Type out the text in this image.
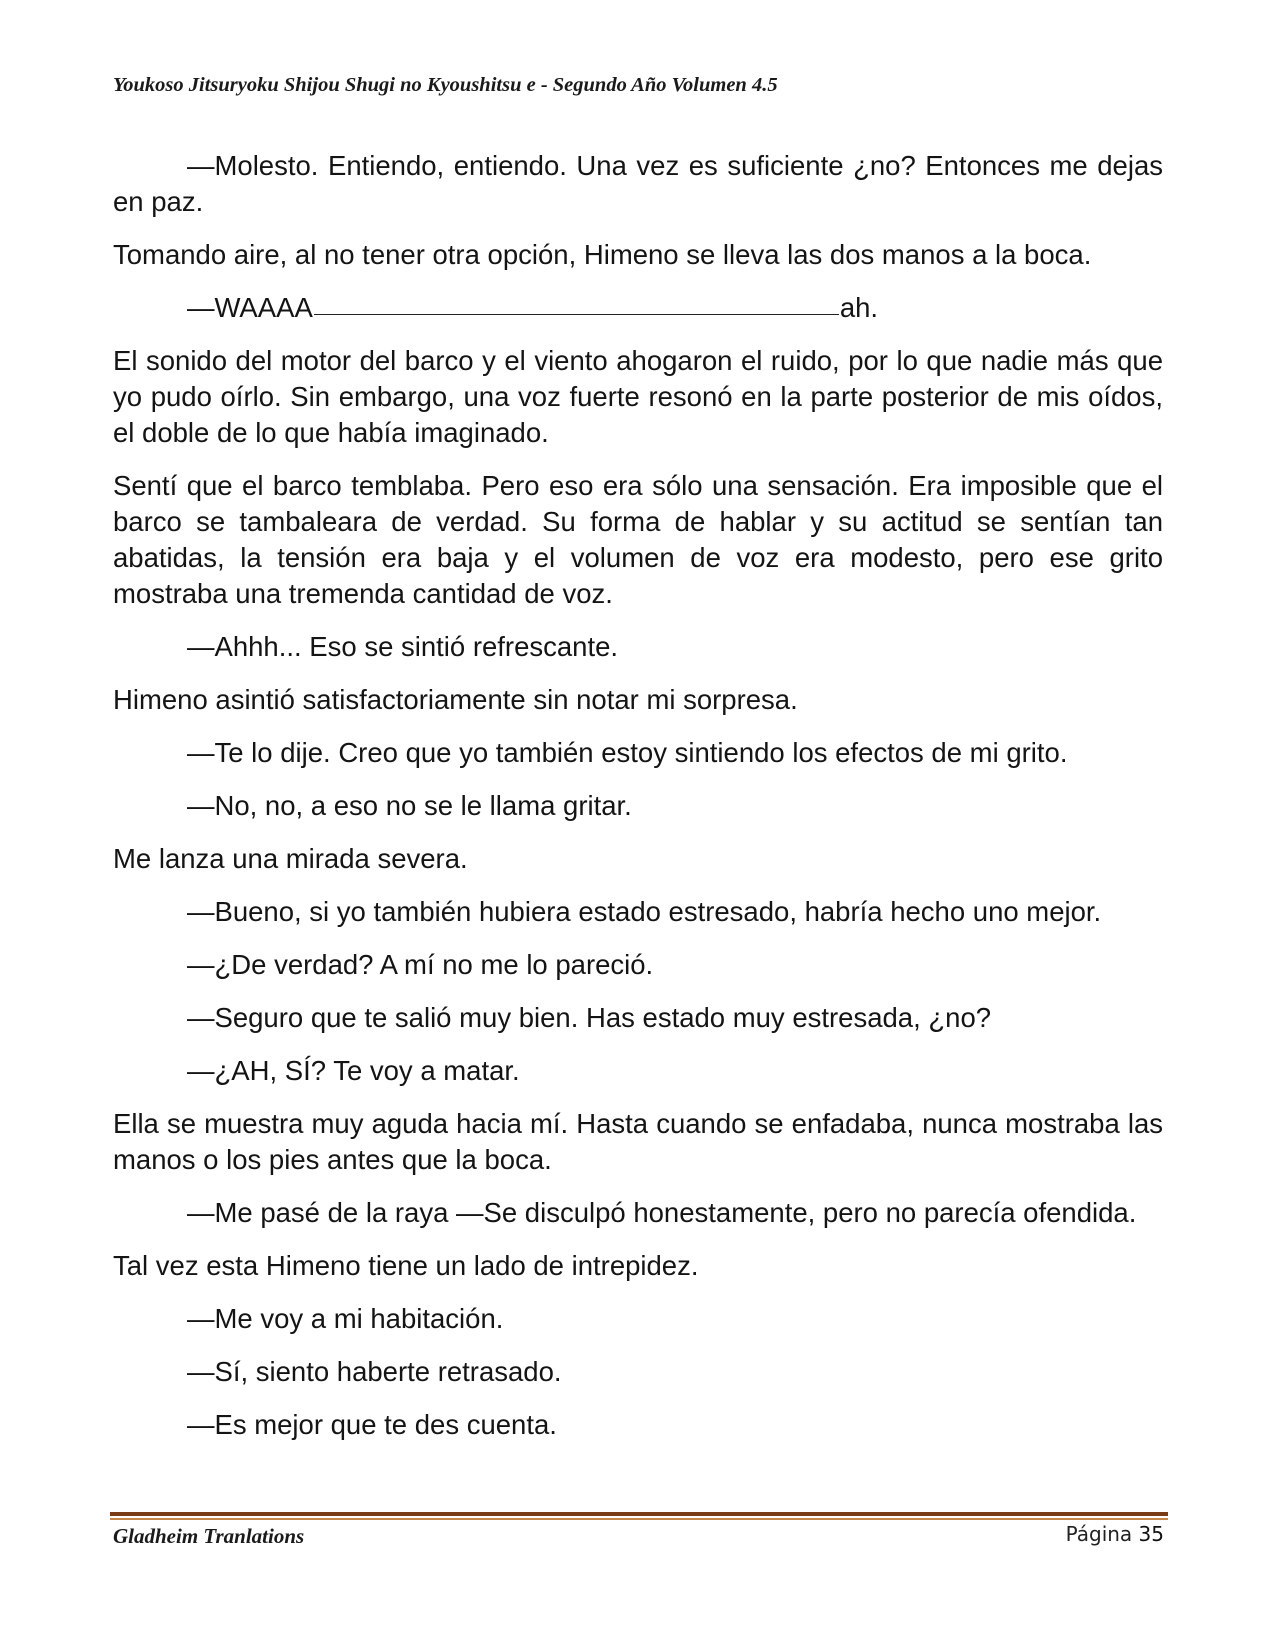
Youkoso Jitsuryoku Shijou Shugi no Kyoushitsu e - Segundo Año Volumen 4.5

—Molesto. Entiendo, entiendo. Una vez es suficiente ¿no? Entonces me dejas en paz.

Tomando aire, al no tener otra opción, Himeno se lleva las dos manos a la boca.

—WAAAA	ah.

El sonido del motor del barco y el viento ahogaron el ruido, por lo que nadie más que yo pudo oírlo. Sin embargo, una voz fuerte resonó en la parte posterior de mis oídos, el doble de lo que había imaginado.

Sentí que el barco temblaba. Pero eso era sólo una sensación. Era imposible que el barco se tambaleara de verdad. Su forma de hablar y su actitud se sentían tan abatidas, la tensión era baja y el volumen de voz era modesto, pero ese grito mostraba una tremenda cantidad de voz.

—Ahhh... Eso se sintió refrescante.

Himeno asintió satisfactoriamente sin notar mi sorpresa.

—Te lo dije. Creo que yo también estoy sintiendo los efectos de mi grito.

—No, no, a eso no se le llama gritar.

Me lanza una mirada severa.

—Bueno, si yo también hubiera estado estresado, habría hecho uno mejor.

—¿De verdad? A mí no me lo pareció.

—Seguro que te salió muy bien. Has estado muy estresada, ¿no?

—¿AH, SÍ? Te voy a matar.

Ella se muestra muy aguda hacia mí. Hasta cuando se enfadaba, nunca mostraba las manos o los pies antes que la boca.

—Me pasé de la raya —Se disculpó honestamente, pero no parecía ofendida.

Tal vez esta Himeno tiene un lado de intrepidez.

—Me voy a mi habitación.

—Sí, siento haberte retrasado.

—Es mejor que te des cuenta.

Gladheim Tranlations	Página 35
